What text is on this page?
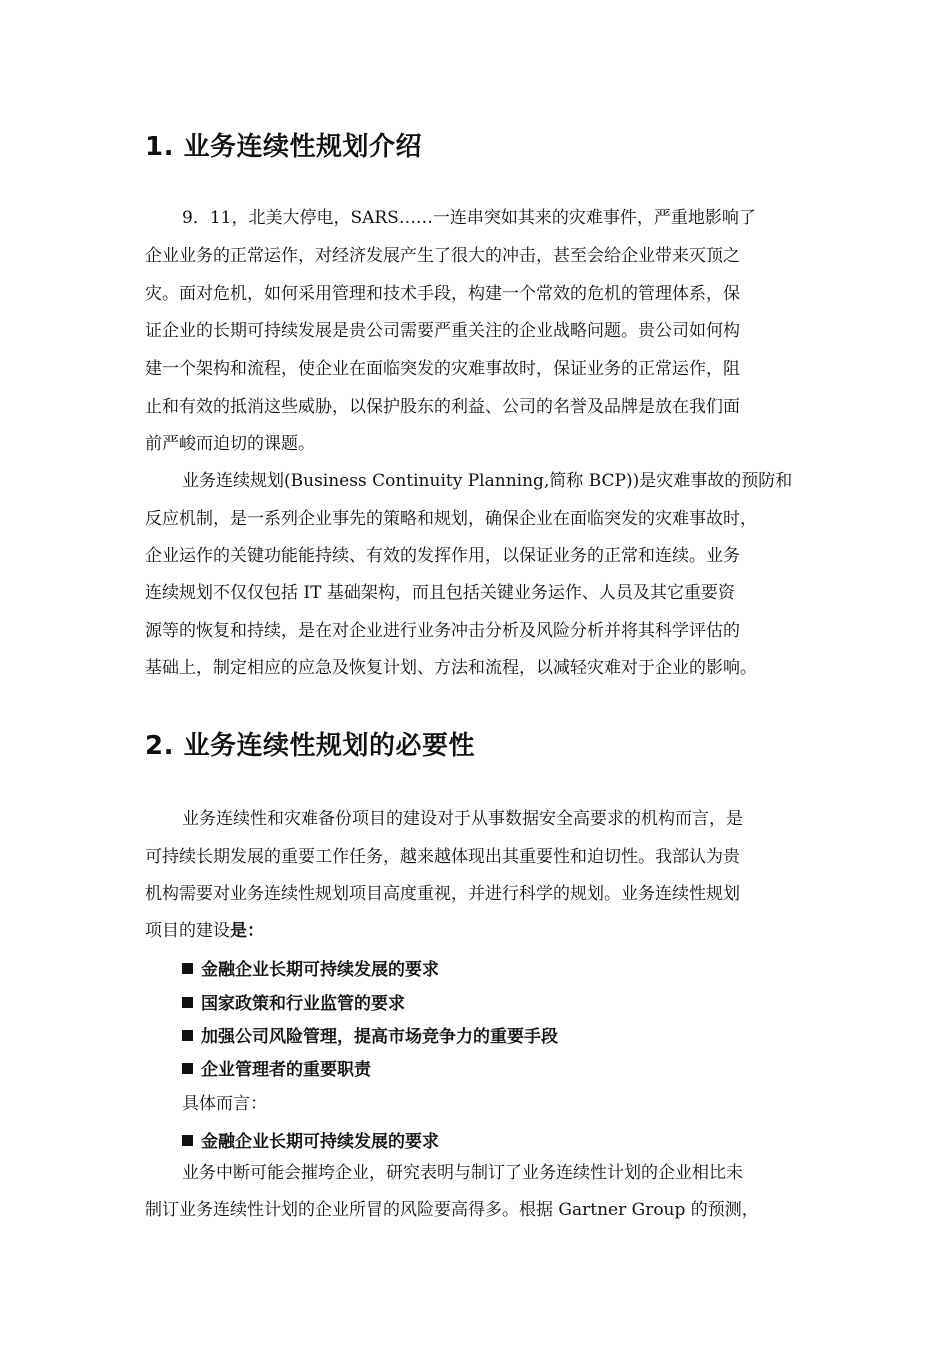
1. 业务连续性规划介绍
9．11，北美大停电，SARS……一连串突如其来的灾难事件，严重地影响了
企业业务的正常运作，对经济发展产生了很大的冲击，甚至会给企业带来灭顶之
灾。面对危机，如何采用管理和技术手段，构建一个常效的危机的管理体系，保
证企业的长期可持续发展是贵公司需要严重关注的企业战略问题。贵公司如何构
建一个架构和流程，使企业在面临突发的灾难事故时，保证业务的正常运作，阻
止和有效的抵消这些威胁，以保护股东的利益、公司的名誉及品牌是放在我们面
前严峻而迫切的课题。
业务连续规划(Business Continuity Planning,简称 BCP))是灾难事故的预防和
反应机制，是一系列企业事先的策略和规划，确保企业在面临突发的灾难事故时，
企业运作的关键功能能持续、有效的发挥作用，以保证业务的正常和连续。业务
连续规划不仅仅包括 IT 基础架构，而且包括关键业务运作、人员及其它重要资
源等的恢复和持续，是在对企业进行业务冲击分析及风险分析并将其科学评估的
基础上，制定相应的应急及恢复计划、方法和流程，以减轻灾难对于企业的影响。
2. 业务连续性规划的必要性
业务连续性和灾难备份项目的建设对于从事数据安全高要求的机构而言，是
可持续长期发展的重要工作任务，越来越体现出其重要性和迫切性。我部认为贵
机构需要对业务连续性规划项目高度重视，并进行科学的规划。业务连续性规划
项目的建设是：
金融企业长期可持续发展的要求
国家政策和行业监管的要求
加强公司风险管理，提高市场竞争力的重要手段
企业管理者的重要职责
具体而言：
金融企业长期可持续发展的要求
业务中断可能会摧垮企业，研究表明与制订了业务连续性计划的企业相比未
制订业务连续性计划的企业所冒的风险要高得多。根据 Gartner Group 的预测，
